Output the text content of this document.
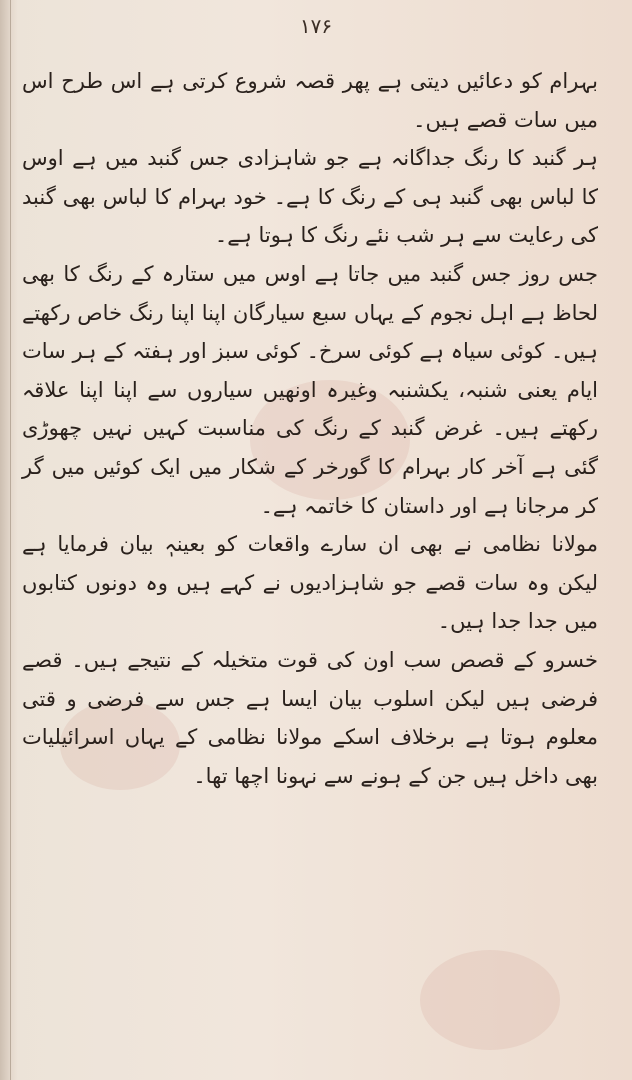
۱۷۶

بہرام کو دعائیں دیتی ہے پھر قصہ شروع کرتی ہے اس طرح اس میں سات قصے ہیں۔

ہر گنبد کا رنگ جداگانہ ہے جو شاہزادی جس گنبد میں ہے اوس کا لباس بھی گنبد ہی کے رنگ کا ہے۔ خود بہرام کا لباس بھی گنبد کی رعایت سے ہر شب نئے رنگ کا ہوتا ہے۔

جس روز جس گنبد میں جاتا ہے اوس میں ستارہ کے رنگ کا بھی لحاظ ہے اہل نجوم کے یہاں سبع سیارگان اپنا اپنا رنگ خاص رکھتے ہیں۔ کوئی سیاہ ہے کوئی سرخ۔ کوئی سبز اور ہفتہ کے ہر سات ایام یعنی شنبہ، یکشنبہ وغیرہ اونھیں سیاروں سے اپنا اپنا علاقہ رکھتے ہیں۔ غرض گنبد کے رنگ کی مناسبت کہیں نہیں چھوڑی گئی ہے آخر کار بہرام کا گورخر کے شکار میں ایک کوئیں میں گر کر مرجانا ہے اور داستان کا خاتمہ ہے۔

مولانا نظامی نے بھی ان سارے واقعات کو بعینہٖ بیان فرمایا ہے لیکن وہ سات قصے جو شاہزادیوں نے کہے ہیں وہ دونوں کتابوں میں جدا جدا ہیں۔

خسرو کے قصص سب اون کی قوت متخیلہ کے نتیجے ہیں۔ قصے فرضی ہیں لیکن اسلوب بیان ایسا ہے جس سے فرضی و قتی معلوم ہوتا ہے برخلاف اسکے مولانا نظامی کے یہاں اسرائیلیات بھی داخل ہیں جن کے ہونے سے نہونا اچھا تھا۔
